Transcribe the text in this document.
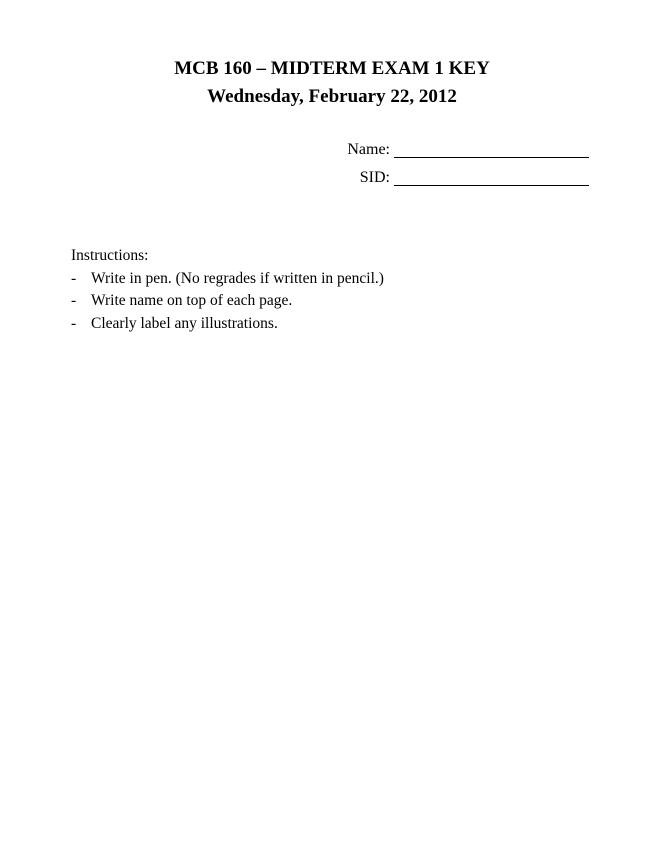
MCB 160 – MIDTERM EXAM 1 KEY
Wednesday, February 22, 2012
Name:
SID:
Instructions:
- Write in pen. (No regrades if written in pencil.)
- Write name on top of each page.
- Clearly label any illustrations.
